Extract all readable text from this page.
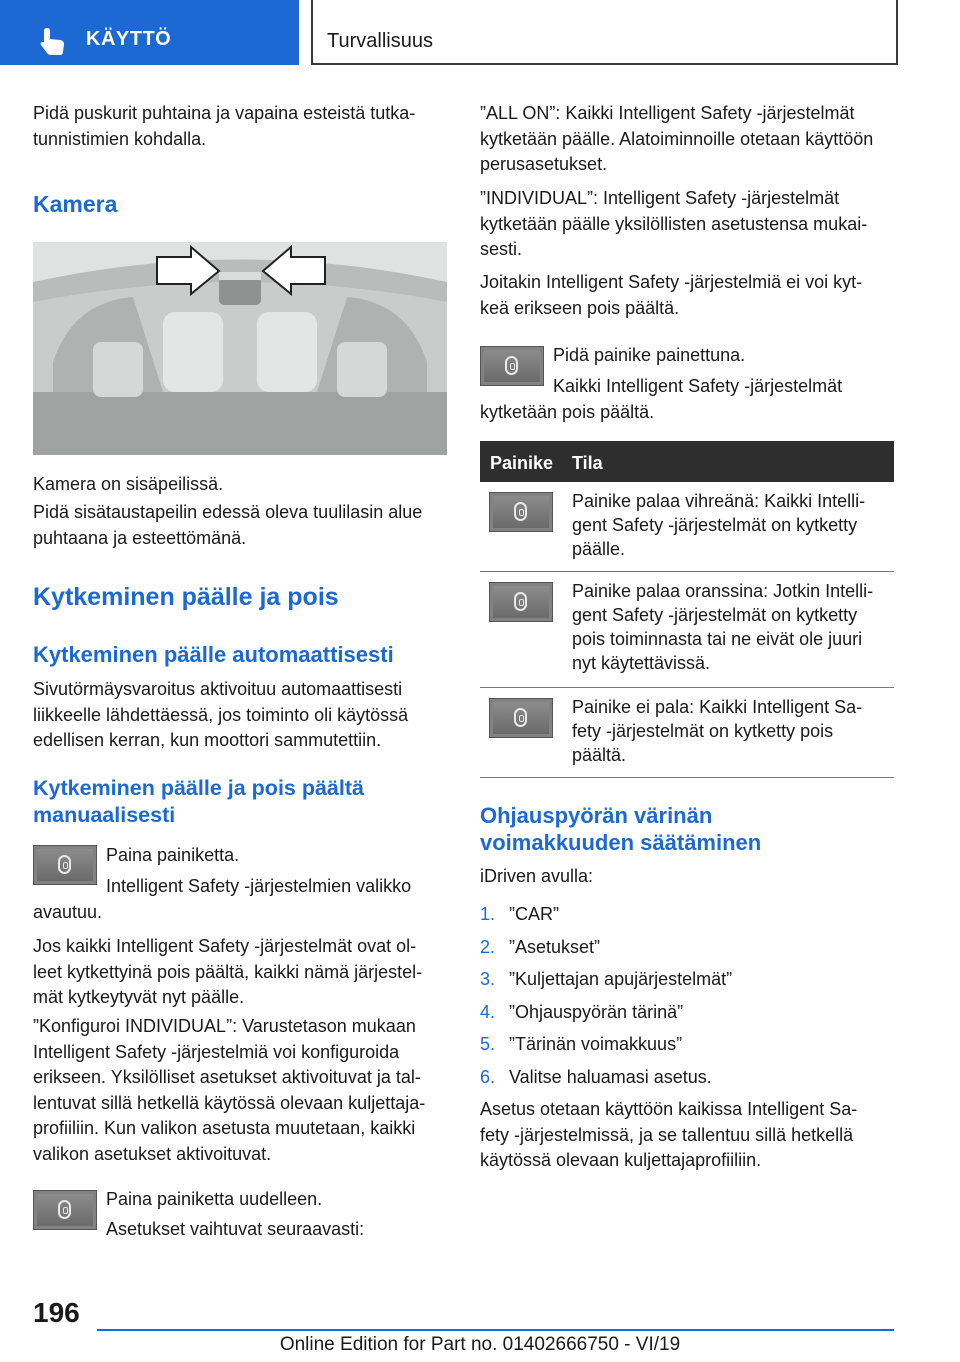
KÄYTTÖ	Turvallisuus

Pidä puskurit puhtaina ja vapaina esteistä tutka-

tunnistimien kohdalla.

Kamera
Kamera on sisäpeilissä.

Pidä sisätaustapeilin edessä oleva tuulilasin alue

puhtaana ja esteettömänä.

Kytkeminen päälle ja pois
Kytkeminen päälle automaattisesti

Sivutörmäysvaroitus aktivoituu automaattisesti

liikkeelle lähdettäessä, jos toiminto oli käytössä

edellisen kerran, kun moottori sammutettiin.

Kytkeminen päälle ja pois päältä

manuaalisesti

Paina painiketta.
Intelligent Safety -järjestelmien valikko
avautuu.

Jos kaikki Intelligent Safety -järjestelmät ovat ol-

leet kytkettyinä pois päältä, kaikki nämä järjestel-

mät kytkeytyvät nyt päälle.

”Konfiguroi INDIVIDUAL”: Varustetason mukaan

Intelligent Safety -järjestelmiä voi konfiguroida

erikseen. Yksilölliset asetukset aktivoituvat ja tal-

lentuvat sillä hetkellä käytössä olevaan kuljettaja-

profiiliin. Kun valikon asetusta muutetaan, kaikki

valikon asetukset aktivoituvat.

Paina painiketta uudelleen.
Asetukset vaihtuvat seuraavasti:

”ALL ON”: Kaikki Intelligent Safety -järjestelmät

kytketään päälle. Alatoiminnoille otetaan käyttöön

perusasetukset.

”INDIVIDUAL”: Intelligent Safety -järjestelmät

kytketään päälle yksilöllisten asetustensa mukai-

sesti.

Joitakin Intelligent Safety -järjestelmiä ei voi kyt-

keä erikseen pois päältä.

Pidä painike painettuna.
Kaikki Intelligent Safety -järjestelmät
kytketään pois päältä.
Painike Tila
Painike palaa vihreänä: Kaikki Intelli-
gent Safety -järjestelmät on kytketty
päälle.
Painike palaa oranssina: Jotkin Intelli-
gent Safety -järjestelmät on kytketty
pois toiminnasta tai ne eivät ole juuri
nyt käytettävissä.
Painike ei pala: Kaikki Intelligent Sa-
fety -järjestelmät on kytketty pois
päältä.

Ohjauspyörän värinän

voimakkuuden säätäminen

iDriven avulla:
1. ”CAR”
2. ”Asetukset”
3. ”Kuljettajan apujärjestelmät”
4. ”Ohjauspyörän tärinä”
5. ”Tärinän voimakkuus”
6. Valitse haluamasi asetus.

Asetus otetaan käyttöön kaikissa Intelligent Sa-

fety -järjestelmissä, ja se tallentuu sillä hetkellä

käytössä olevaan kuljettajaprofiiliin.

196
Online Edition for Part no. 01402666750 - VI/19
